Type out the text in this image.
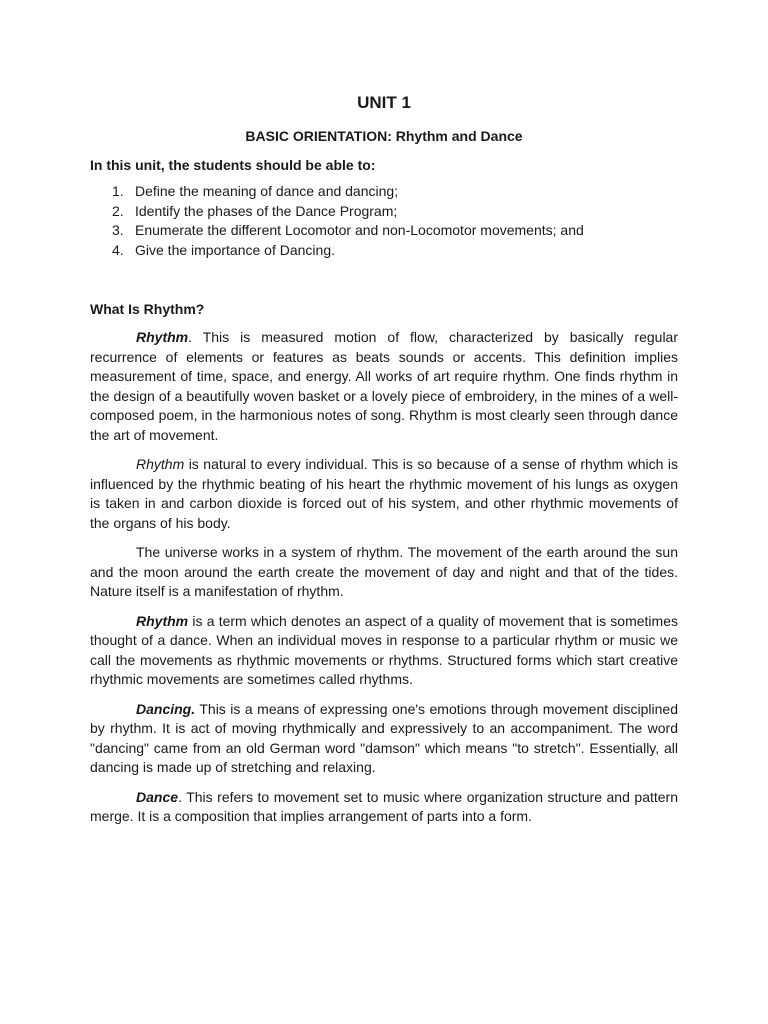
UNIT 1
BASIC ORIENTATION: Rhythm and Dance
In this unit, the students should be able to:
1. Define the meaning of dance and dancing;
2. Identify the phases of the Dance Program;
3. Enumerate the different Locomotor and non-Locomotor movements; and
4. Give the importance of Dancing.
What Is Rhythm?

Rhythm. This is measured motion of flow, characterized by basically regular recurrence of elements or features as beats sounds or accents. This definition implies measurement of time, space, and energy. All works of art require rhythm. One finds rhythm in the design of a beautifully woven basket or a lovely piece of embroidery, in the mines of a well-composed poem, in the harmonious notes of song. Rhythm is most clearly seen through dance the art of movement.

Rhythm is natural to every individual. This is so because of a sense of rhythm which is influenced by the rhythmic beating of his heart the rhythmic movement of his lungs as oxygen is taken in and carbon dioxide is forced out of his system, and other rhythmic movements of the organs of his body.

The universe works in a system of rhythm. The movement of the earth around the sun and the moon around the earth create the movement of day and night and that of the tides. Nature itself is a manifestation of rhythm.

Rhythm is a term which denotes an aspect of a quality of movement that is sometimes thought of a dance. When an individual moves in response to a particular rhythm or music we call the movements as rhythmic movements or rhythms. Structured forms which start creative rhythmic movements are sometimes called rhythms.

Dancing. This is a means of expressing one's emotions through movement disciplined by rhythm. It is act of moving rhythmically and expressively to an accompaniment. The word "dancing" came from an old German word "damson" which means "to stretch". Essentially, all dancing is made up of stretching and relaxing.

Dance. This refers to movement set to music where organization structure and pattern merge. It is a composition that implies arrangement of parts into a form.
